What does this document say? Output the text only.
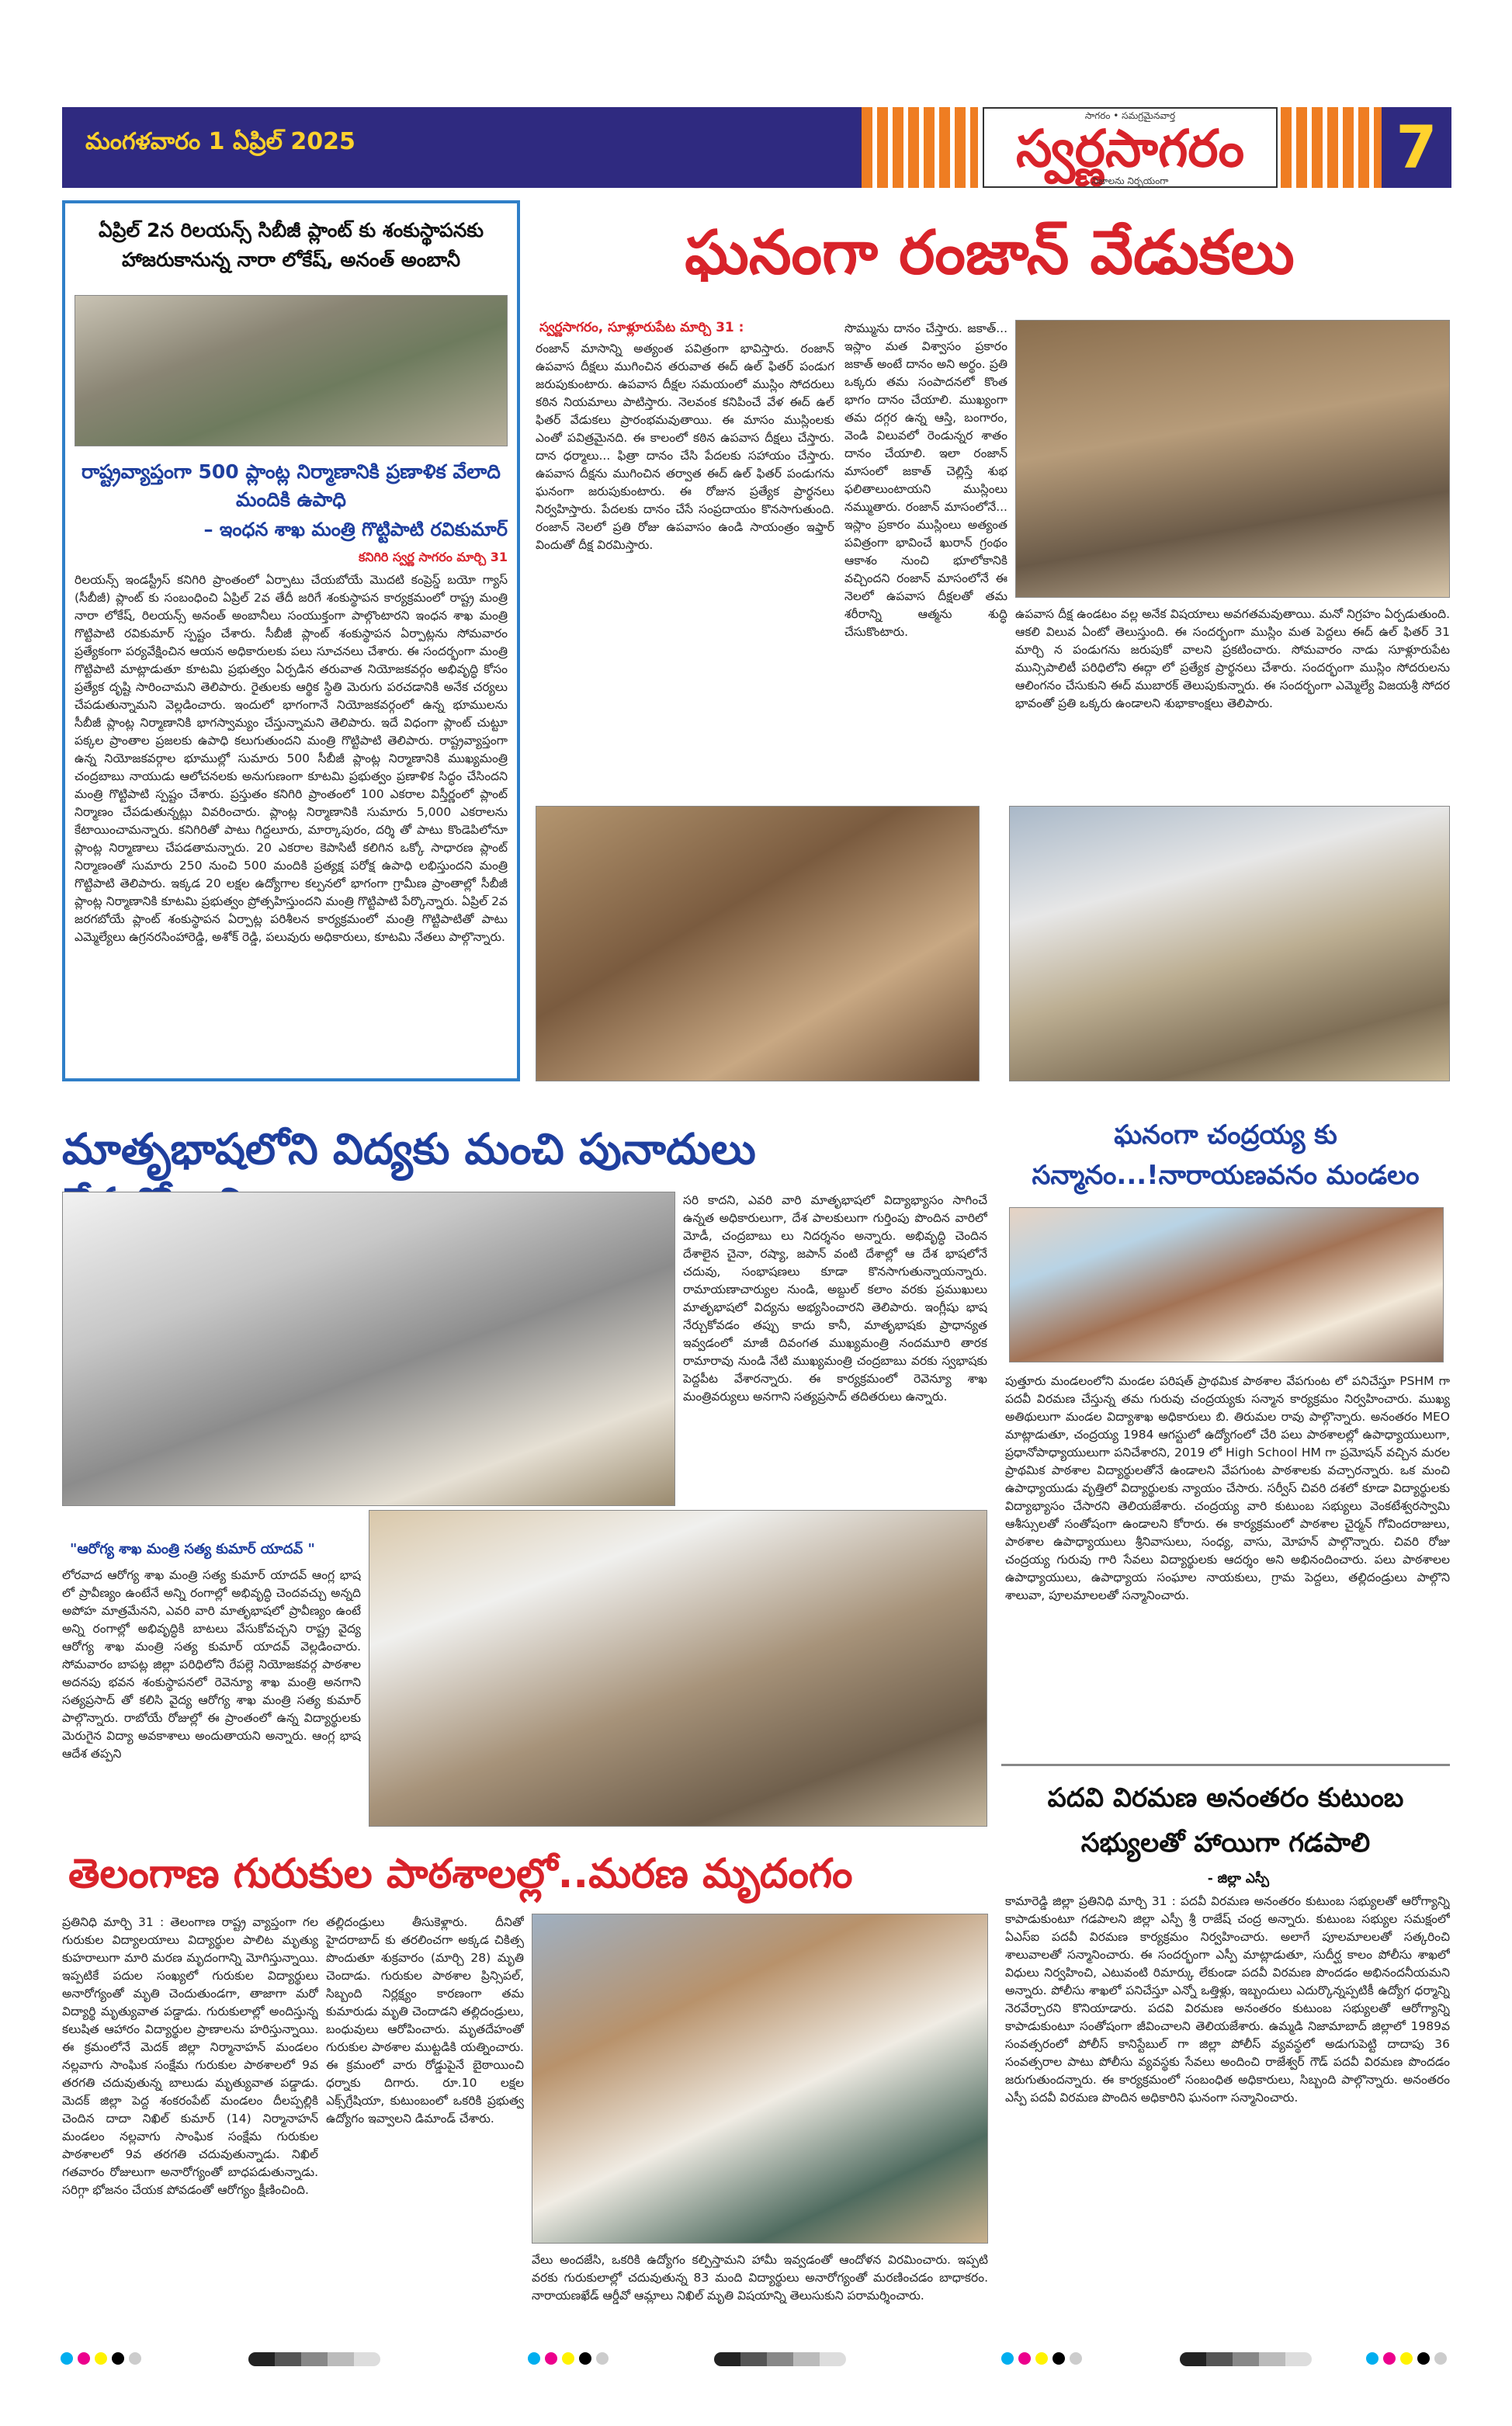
మంగళవారం 1 ఏప్రిల్ 2025
సాగరం • సమగ్రమైనవార్త
స్వర్ణసాగరం
నిజాలను నిర్భయంగా	7
ఏప్రిల్ 2న రిలయన్స్ సిబీజీ ప్లాంట్ కు శంకుస్థాపనకు హాజరుకానున్న నారా లోకేష్, అనంత్ అంబానీ
రాష్ట్రవ్యాప్తంగా 500 ప్లాంట్ల నిర్మాణానికి ప్రణాళిక వేలాది మందికి ఉపాధి
– ఇంధన శాఖ మంత్రి గొట్టిపాటి రవికుమార్
కనిగిరి స్వర్ణ సాగరం మార్చి 31
రిలయన్స్ ఇండస్ట్రీస్ కనిగిరి ప్రాంతంలో ఏర్పాటు చేయబోయే మొదటి కంప్రెస్డ్ బయో గ్యాస్ (సీబీజీ) ప్లాంట్ కు సంబంధించి ఏప్రిల్ 2వ తేదీ జరిగే శంకుస్థాపన కార్యక్రమంలో రాష్ట్ర మంత్రి నారా లోకేష్, రిలయన్స్ అనంత్ అంబానీలు సంయుక్తంగా పాల్గొంటారని ఇంధన శాఖ మంత్రి గొట్టిపాటి రవికుమార్ స్పష్టం చేశారు. సీబీజీ ప్లాంట్ శంకుస్థాపన ఏర్పాట్లను సోమవారం ప్రత్యేకంగా పర్యవేక్షించిన ఆయన అధికారులకు పలు సూచనలు చేశారు. ఈ సందర్భంగా మంత్రి గొట్టిపాటి మాట్లాడుతూ కూటమి ప్రభుత్వం ఏర్పడిన తరువాత నియోజకవర్గం అభివృద్ధి కోసం ప్రత్యేక దృష్టి సారించామని తెలిపారు. రైతులకు ఆర్థిక స్థితి మెరుగు పరచడానికి అనేక చర్యలు చేపడుతున్నామని వెల్లడించారు. ఇందులో భాగంగానే నియోజకవర్గంలో ఉన్న భూములను సీబీజీ ప్లాంట్ల నిర్మాణానికి భాగస్వామ్యం చేస్తున్నామని తెలిపారు. ఇదే విధంగా ప్లాంట్ చుట్టూ పక్కల ప్రాంతాల ప్రజలకు ఉపాధి కలుగుతుందని మంత్రి గొట్టిపాటి తెలిపారు. రాష్ట్రవ్యాప్తంగా ఉన్న నియోజకవర్గాల భూముల్లో సుమారు 500 సీబీజీ ప్లాంట్ల నిర్మాణానికి ముఖ్యమంత్రి చంద్రబాబు నాయుడు ఆలోచనలకు అనుగుణంగా కూటమి ప్రభుత్వం ప్రణాళిక సిద్ధం చేసిందని మంత్రి గొట్టిపాటి స్పష్టం చేశారు. ప్రస్తుతం కనిగిరి ప్రాంతంలో 100 ఎకరాల విస్తీర్ణంలో ప్లాంట్ నిర్మాణం చేపడుతున్నట్లు వివరించారు. ప్లాంట్ల నిర్మాణానికి సుమారు 5,000 ఎకరాలను కేటాయించామన్నారు. కనిగిరితో పాటు గిద్దలూరు, మార్కాపురం, దర్శి తో పాటు కొండెపిలోనూ ప్లాంట్ల నిర్మాణాలు చేపడతామన్నారు. 20 ఎకరాల కెపాసిటీ కలిగిన ఒక్కో సాధారణ ప్లాంట్ నిర్మాణంతో సుమారు 250 నుంచి 500 మందికి ప్రత్యక్ష పరోక్ష ఉపాధి లభిస్తుందని మంత్రి గొట్టిపాటి తెలిపారు. ఇక్కడ 20 లక్షల ఉద్యోగాల కల్పనలో భాగంగా గ్రామీణ ప్రాంతాల్లో సీబీజీ ప్లాంట్ల నిర్మాణానికి కూటమి ప్రభుత్వం ప్రోత్సహిస్తుందని మంత్రి గొట్టిపాటి పేర్కొన్నారు. ఏప్రిల్ 2వ జరగబోయే ప్లాంట్ శంకుస్థాపన ఏర్పాట్ల పరిశీలన కార్యక్రమంలో మంత్రి గొట్టిపాటితో పాటు ఎమ్మెల్యేలు ఉగ్రనరసింహారెడ్డి, అశోక్ రెడ్డి, పలువురు అధికారులు, కూటమి నేతలు పాల్గొన్నారు.
ఘనంగా రంజాన్ వేడుకలు
స్వర్ణసాగరం, సూళ్లూరుపేట మార్చి 31 :
రంజాన్ మాసాన్ని అత్యంత పవిత్రంగా భావిస్తారు. రంజాన్ ఉపవాస దీక్షలు ముగించిన తరువాత ఈద్ ఉల్ ఫితర్ పండుగ జరుపుకుంటారు. ఉపవాస దీక్షల సమయంలో ముస్లిం సోదరులు కఠిన నియమాలు పాటిస్తారు. నెలవంక కనిపించే వేళ ఈద్ ఉల్ ఫితర్ వేడుకలు ప్రారంభమవుతాయి. ఈ మాసం ముస్లింలకు ఎంతో పవిత్రమైనది. ఈ కాలంలో కఠిన ఉపవాస దీక్షలు చేస్తారు. దాన ధర్మాలు... ఫిత్రా దానం చేసి పేదలకు సహాయం చేస్తారు. ఉపవాస దీక్షను ముగించిన తర్వాత ఈద్ ఉల్ ఫితర్ పండుగను ఘనంగా జరుపుకుంటారు. ఈ రోజున ప్రత్యేక ప్రార్థనలు నిర్వహిస్తారు. పేదలకు దానం చేసే సంప్రదాయం కొనసాగుతుంది. రంజాన్ నెలలో ప్రతి రోజు ఉపవాసం ఉండి సాయంత్రం ఇఫ్తార్ విందుతో దీక్ష విరమిస్తారు.
సొమ్మును దానం చేస్తారు. జకాత్... ఇస్లాం మత విశ్వాసం ప్రకారం జకాత్ అంటే దానం అని అర్థం. ప్రతి ఒక్కరు తమ సంపాదనలో కొంత భాగం దానం చేయాలి. ముఖ్యంగా తమ దగ్గర ఉన్న ఆస్తి, బంగారం, వెండి విలువలో రెండున్నర శాతం దానం చేయాలి. ఇలా రంజాన్ మాసంలో జకాత్ చెల్లిస్తే శుభ ఫలితాలుంటాయని ముస్లింలు నమ్ముతారు. రంజాన్ మాసంలోనే... ఇస్లాం ప్రకారం ముస్లింలు అత్యంత పవిత్రంగా భావించే ఖురాన్ గ్రంథం ఆకాశం నుంచి భూలోకానికి వచ్చిందని రంజాన్ మాసంలోనే ఈ నెలలో ఉపవాస దీక్షలతో తమ శరీరాన్ని ఆత్మను శుద్ధి చేసుకొంటారు.
ఉపవాస దీక్ష ఉండటం వల్ల అనేక విషయాలు అవగతమవుతాయి. మనో నిగ్రహం ఏర్పడుతుంది. ఆకలి విలువ ఏంటో తెలుస్తుంది. ఈ సందర్భంగా ముస్లిం మత పెద్దలు ఈద్ ఉల్ ఫితర్ 31 మార్చి న పండుగను జరుపుకో వాలని ప్రకటించారు. సోమవారం నాడు సూళ్లూరుపేట మున్సిపాలిటీ పరిధిలోని ఈద్గా లో ప్రత్యేక ప్రార్థనలు చేశారు. సందర్భంగా ముస్లిం సోదరులను ఆలింగనం చేసుకుని ఈద్ ముబారక్ తెలుపుకున్నారు. ఈ సందర్భంగా ఎమ్మెల్యే విజయశ్రీ సోదర భావంతో ప్రతి ఒక్కరు ఉండాలని శుభాకాంక్షలు తెలిపారు.
మాతృభాషలోని విద్యకు మంచి పునాదులు
సరి కాదని, ఎవరి వారి మాతృభాషలో విద్యాభ్యాసం సాగించే ఉన్నత అధికారులుగా, దేశ పాలకులుగా గుర్తింపు పొందిన వారిలో మోడీ, చంద్రబాబు లు నిదర్శనం అన్నారు. అభివృద్ధి చెందిన దేశాలైన చైనా, రష్యా, జపాన్ వంటి దేశాల్లో ఆ దేశ భాషలోనే చదువు, సంభాషణలు కూడా కొనసాగుతున్నాయన్నారు. రామాయణాచార్యుల నుండి, అబ్దుల్ కలాం వరకు ప్రముఖులు మాతృభాషలో విద్యను అభ్యసించారని తెలిపారు. ఇంగ్లీషు భాష నేర్చుకోవడం తప్పు కాదు కానీ, మాతృభాషకు ప్రాధాన్యత ఇవ్వడంలో మాజీ దివంగత ముఖ్యమంత్రి నందమూరి తారక రామారావు నుండి నేటి ముఖ్యమంత్రి చంద్రబాబు వరకు స్వభాషకు పెద్దపీట వేశారన్నారు. ఈ కార్యక్రమంలో రెవెన్యూ శాఖ మంత్రివర్యులు అనగాని సత్యప్రసాద్ తదితరులు ఉన్నారు.
"ఆరోగ్య శాఖ మంత్రి సత్య కుమార్ యాదవ్ "
లోరవాద ఆరోగ్య శాఖ మంత్రి సత్య కుమార్ యాదవ్ ఆంగ్ల భాష లో ప్రావీణ్యం ఉంటేనే అన్ని రంగాల్లో అభివృద్ధి చెందవచ్చు అన్నది అపోహ మాత్రమేనని, ఎవరి వారి మాతృభాషలో ప్రావీణ్యం ఉంటే అన్ని రంగాల్లో అభివృద్ధికి బాటలు వేసుకోవచ్చని రాష్ట్ర వైద్య ఆరోగ్య శాఖ మంత్రి సత్య కుమార్ యాదవ్ వెల్లడించారు. సోమవారం బాపట్ల జిల్లా పరిధిలోని రేపల్లె నియోజకవర్గ పాఠశాల అదనపు భవన శంకుస్థాపనలో రెవెన్యూ శాఖ మంత్రి అనగాని సత్యప్రసాద్ తో కలిసి వైద్య ఆరోగ్య శాఖ మంత్రి సత్య కుమార్ పాల్గొన్నారు. రాబోయే రోజుల్లో ఈ ప్రాంతంలో ఉన్న విద్యార్థులకు మెరుగైన విద్యా అవకాశాలు అందుతాయని అన్నారు. ఆంగ్ల భాష ఆదేశ తప్పని
ఘనంగా చంద్రయ్య కు
సన్మానం...!నారాయణవనం మండలం
పుత్తూరు మండలంలోని మండల పరిషత్ ప్రాథమిక పాఠశాల వేపగుంట లో పనిచేస్తూ PSHM గా పదవీ విరమణ చేస్తున్న తమ గురువు చంద్రయ్యకు సన్మాన కార్యక్రమం నిర్వహించారు. ముఖ్య అతిథులుగా మండల విద్యాశాఖ అధికారులు బి. తిరుమల రావు పాల్గొన్నారు. అనంతరం MEO మాట్లాడుతూ, చంద్రయ్య 1984 ఆగస్టులో ఉద్యోగంలో చేరి పలు పాఠశాలల్లో ఉపాధ్యాయులుగా, ప్రధానోపాధ్యాయులుగా పనిచేశారని, 2019 లో High School HM గా ప్రమోషన్ వచ్చిన మరల ప్రాథమిక పాఠశాల విద్యార్థులతోనే ఉండాలని వేపగుంట పాఠశాలకు వచ్చారన్నారు. ఒక మంచి ఉపాధ్యాయుడు వృత్తిలో విద్యార్థులకు న్యాయం చేసారు. సర్వీస్ చివరి దశలో కూడా విద్యార్థులకు విద్యాభ్యాసం చేసారని తెలియజేశారు. చంద్రయ్య వారి కుటుంబ సభ్యులు వెంకటేశ్వరస్వామి ఆశీస్సులతో సంతోషంగా ఉండాలని కోరారు. ఈ కార్యక్రమంలో పాఠశాల చైర్మన్ గోవిందరాజులు, పాఠశాల ఉపాధ్యాయులు శ్రీనివాసులు, సంధ్య, వాసు, మోహన్ పాల్గొన్నారు. చివరి రోజు చంద్రయ్య గురువు గారి సేవలు విద్యార్థులకు ఆదర్శం అని అభినందించారు. పలు పాఠశాలల ఉపాధ్యాయులు, ఉపాధ్యాయ సంఘాల నాయకులు, గ్రామ పెద్దలు, తల్లిదండ్రులు పాల్గొని శాలువా, పూలమాలలతో సన్మానించారు.
పదవి విరమణ అనంతరం కుటుంబ
సభ్యులతో హాయిగా గడపాలి
- జిల్లా ఎస్పీ
కామారెడ్డి జిల్లా ప్రతినిధి మార్చి 31 : పదవీ విరమణ అనంతరం కుటుంబ సభ్యులతో ఆరోగ్యాన్ని కాపాడుకుంటూ గడపాలని జిల్లా ఎస్పీ శ్రీ రాజేష్ చంద్ర అన్నారు. కుటుంబ సభ్యుల సమక్షంలో ఏఎస్ఐ పదవీ విరమణ కార్యక్రమం నిర్వహించారు. అలాగే పూలమాలలతో సత్కరించి శాలువాలతో సన్మానించారు. ఈ సందర్భంగా ఎస్పీ మాట్లాడుతూ, సుదీర్ఘ కాలం పోలీసు శాఖలో విధులు నిర్వహించి, ఎటువంటి రిమార్కు లేకుండా పదవీ విరమణ పొందడం అభినందనీయమని అన్నారు. పోలీసు శాఖలో పనిచేస్తూ ఎన్నో ఒత్తిళ్లు, ఇబ్బందులు ఎదుర్కొన్నప్పటికీ ఉద్యోగ ధర్మాన్ని నెరవేర్చారని కొనియాడారు. పదవి విరమణ అనంతరం కుటుంబ సభ్యులతో ఆరోగ్యాన్ని కాపాడుకుంటూ సంతోషంగా జీవించాలని తెలియజేశారు. ఉమ్మడి నిజామాబాద్ జిల్లాలో 1989వ సంవత్సరంలో పోలీస్ కానిస్టేబుల్ గా జిల్లా పోలీస్ వ్యవస్థలో అడుగుపెట్టి దాదాపు 36 సంవత్సరాల పాటు పోలీసు వ్యవస్థకు సేవలు అందించి రాజేశ్వర్ గౌడ్ పదవీ విరమణ పొందడం జరుగుతుందన్నారు. ఈ కార్యక్రమంలో సంబంధిత అధికారులు, సిబ్బంది పాల్గొన్నారు. అనంతరం ఎస్పీ పదవీ విరమణ పొందిన అధికారిని ఘనంగా సన్మానించారు.
తెలంగాణ గురుకుల పాఠశాలల్లో..మరణ మృదంగం
ప్రతినిధి మార్చి 31 : తెలంగాణ రాష్ట్ర వ్యాప్తంగా గల గురుకుల విద్యాలయాలు విద్యార్థుల పాలిట మృత్యు కుహరాలుగా మారి మరణ మృదంగాన్ని మోగిస్తున్నాయి. ఇప్పటికే పదుల సంఖ్యలో గురుకుల విద్యార్థులు అనారోగ్యంతో మృతి చెందుతుండగా, తాజాగా మరో విద్యార్థి మృత్యువాత పడ్డాడు. గురుకులాల్లో అందిస్తున్న కలుషిత ఆహారం విద్యార్థుల ప్రాణాలను హరిస్తున్నాయి. ఈ క్రమంలోనే మెదక్ జిల్లా నిర్మానాహన్ మండలం నల్లవాగు సాంఘిక సంక్షేమ గురుకుల పాఠశాలలో 9వ తరగతి చదువుతున్న బాలుడు మృత్యువాత పడ్డాడు. మెదక్ జిల్లా పెద్ద శంకరంపేట్ మండలం దీలప్పల్లికి చెందిన దాదా నిఖిల్ కుమార్ (14) నిర్మానాహన్ మండలం నల్లవాగు సాంఘిక సంక్షేమ గురుకుల పాఠశాలలో 9వ తరగతి చదువుతున్నాడు. నిఖిల్ గతవారం రోజులుగా అనారోగ్యంతో బాధపడుతున్నాడు. సరిగ్గా భోజనం చేయక పోవడంతో ఆరోగ్యం క్షీణించింది.
తల్లిదండ్రులు తీసుకెళ్లారు. దీనితో హైదరాబాద్ కు తరలించగా అక్కడ చికిత్స పొందుతూ శుక్రవారం (మార్చి 28) మృతి చెందాడు. గురుకుల పాఠశాల ప్రిన్సిపల్, సిబ్బంది నిర్లక్ష్యం కారణంగా తమ కుమారుడు మృతి చెందాడని తల్లిదండ్రులు, బంధువులు ఆరోపించారు. మృతదేహంతో గురుకుల పాఠశాల ముట్టడికి యత్నించారు. ఈ క్రమంలో వారు రోడ్డుపైనే బైఠాయించి ధర్నాకు దిగారు. రూ.10 లక్షల ఎక్స్‌గ్రేషియా, కుటుంబంలో ఒకరికి ప్రభుత్వ ఉద్యోగం ఇవ్వాలని డిమాండ్ చేశారు.
వేలు అందజేసి, ఒకరికి ఉద్యోగం కల్పిస్తామని హామీ ఇవ్వడంతో ఆందోళన విరమించారు. ఇప్పటి వరకు గురుకులాల్లో చదువుతున్న 83 మంది విద్యార్థులు అనారోగ్యంతో మరణించడం బాధాకరం. నారాయణఖేడ్ ఆర్డీవో ఆమ్లాలు నిఖిల్ మృతి విషయాన్ని తెలుసుకుని పరామర్శించారు.
